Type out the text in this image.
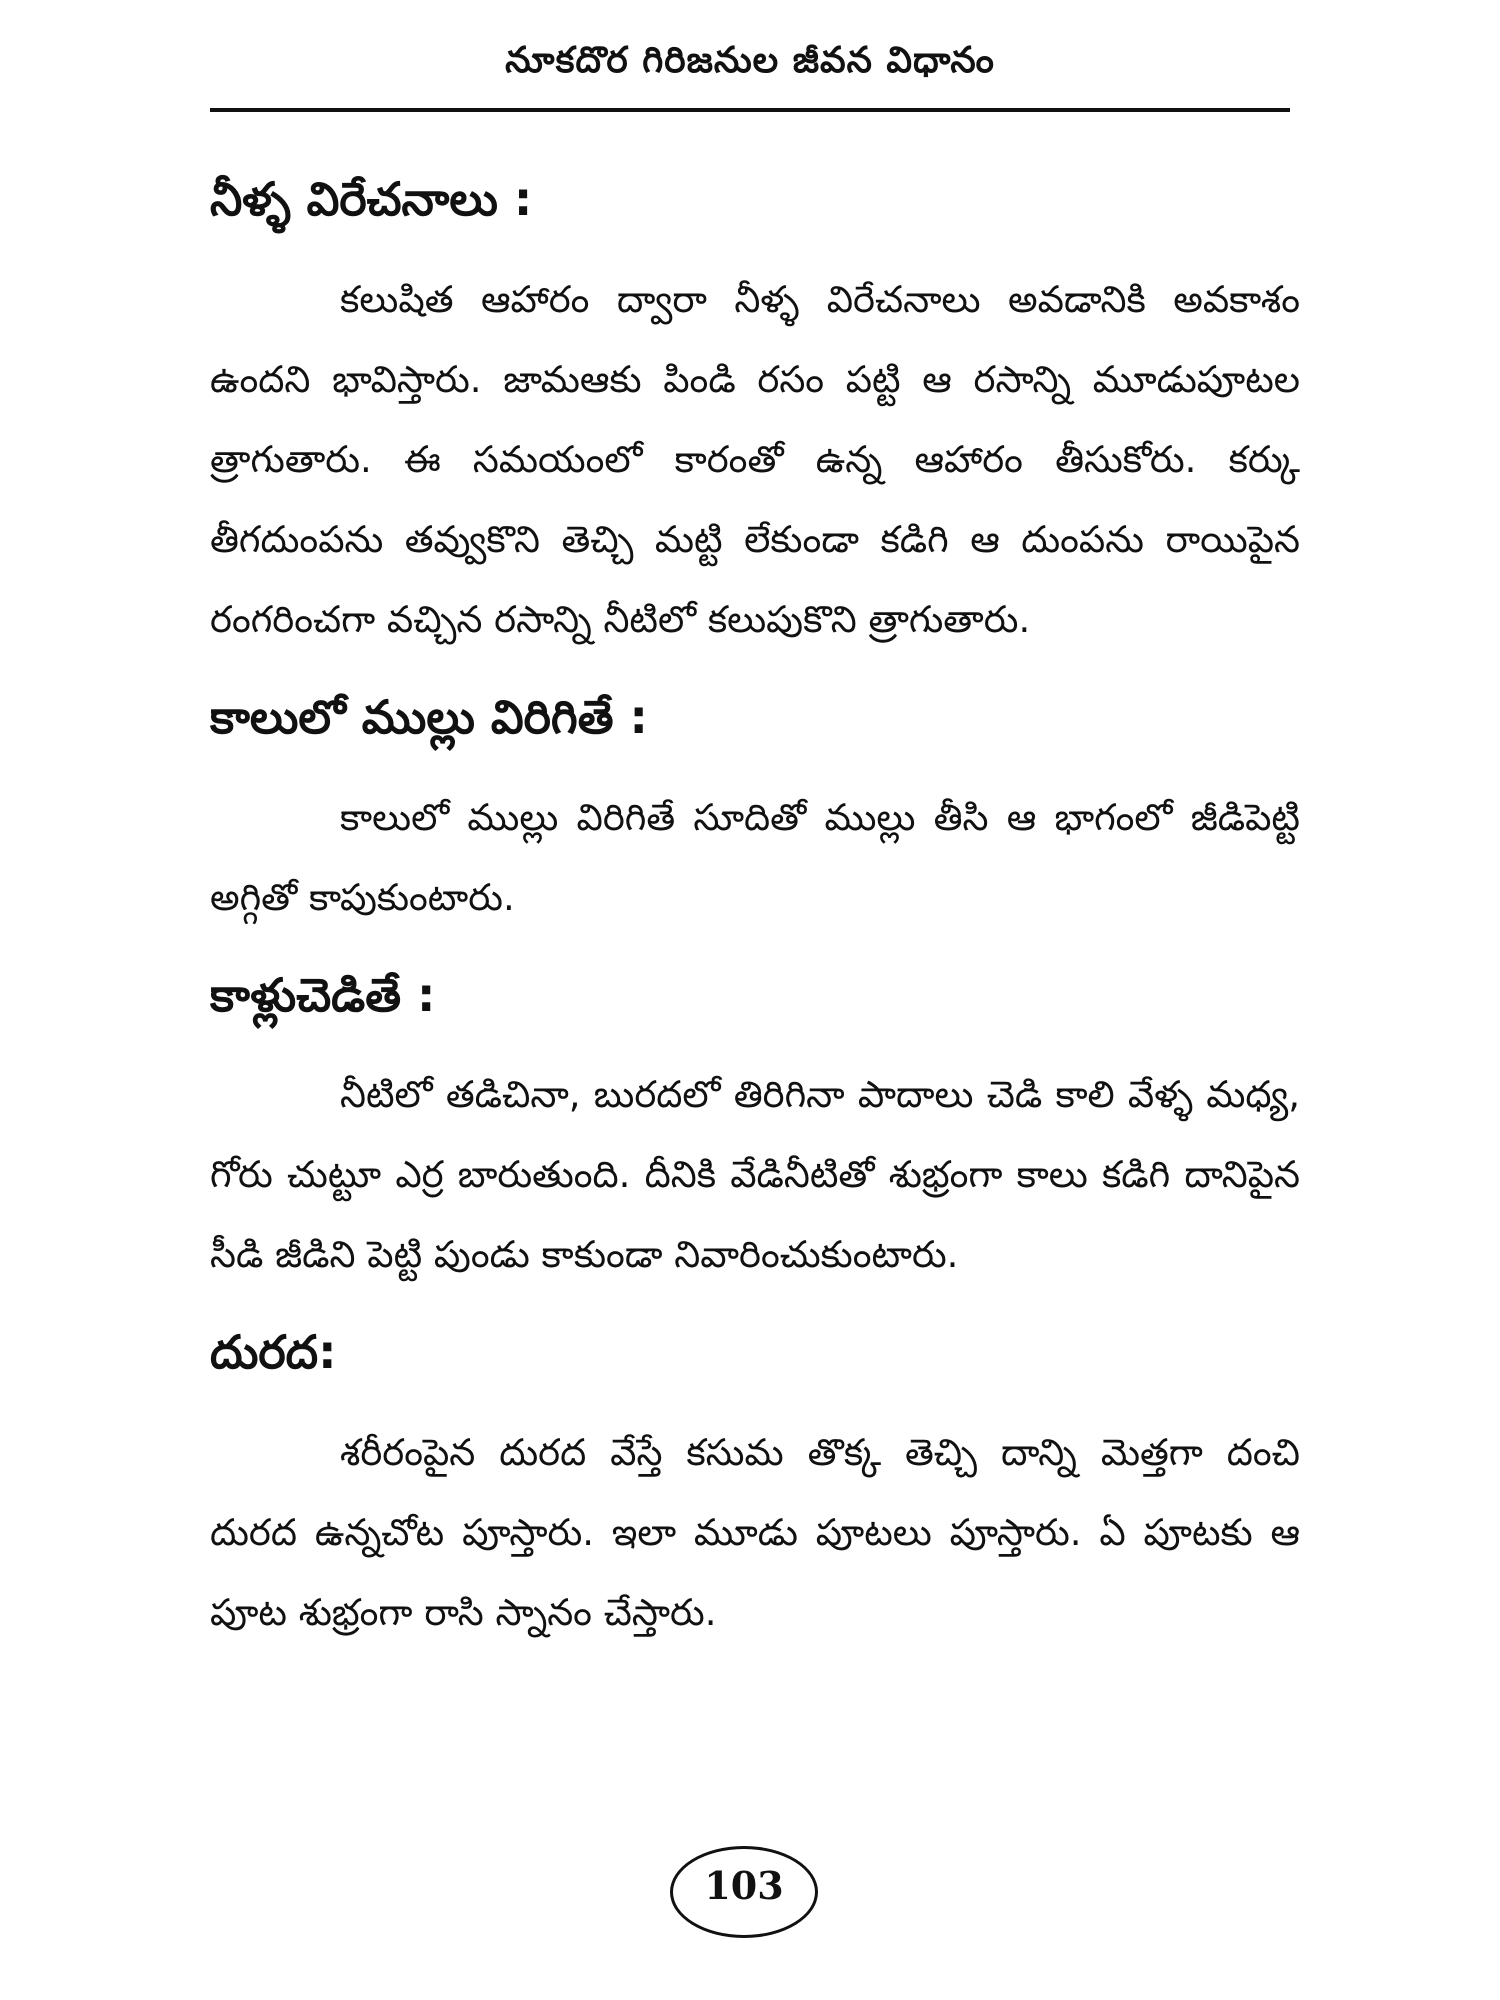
నూకదొర గిరిజనుల జీవన విధానం
నీళ్ళ విరేచనాలు :

కలుషిత ఆహారం ద్వారా నీళ్ళ విరేచనాలు అవడానికి అవకాశం ఉందని భావిస్తారు. జామఆకు పిండి రసం పట్టి ఆ రసాన్ని మూడుపూటల త్రాగుతారు. ఈ సమయంలో కారంతో ఉన్న ఆహారం తీసుకోరు. కర్కు తీగదుంపను తవ్వుకొని తెచ్చి మట్టి లేకుండా కడిగి ఆ దుంపను రాయిపైన రంగరించగా వచ్చిన రసాన్ని నీటిలో కలుపుకొని త్రాగుతారు.

కాలులో ముల్లు విరిగితే :

కాలులో ముల్లు విరిగితే సూదితో ముల్లు తీసి ఆ భాగంలో జీడిపెట్టి అగ్గితో కాపుకుంటారు.

కాళ్లుచెడితే :

నీటిలో తడిచినా, బురదలో తిరిగినా పాదాలు చెడి కాలి వేళ్ళ మధ్య, గోరు చుట్టూ ఎర్ర బారుతుంది. దీనికి వేడినీటితో శుభ్రంగా కాలు కడిగి దానిపైన సీడి జీడిని పెట్టి పుండు కాకుండా నివారించుకుంటారు.

దురద:

శరీరంపైన దురద వేస్తే కసుమ తొక్క తెచ్చి దాన్ని మెత్తగా దంచి దురద ఉన్నచోట పూస్తారు. ఇలా మూడు పూటలు పూస్తారు. ఏ పూటకు ఆ పూట శుభ్రంగా రాసి స్నానం చేస్తారు.

103
